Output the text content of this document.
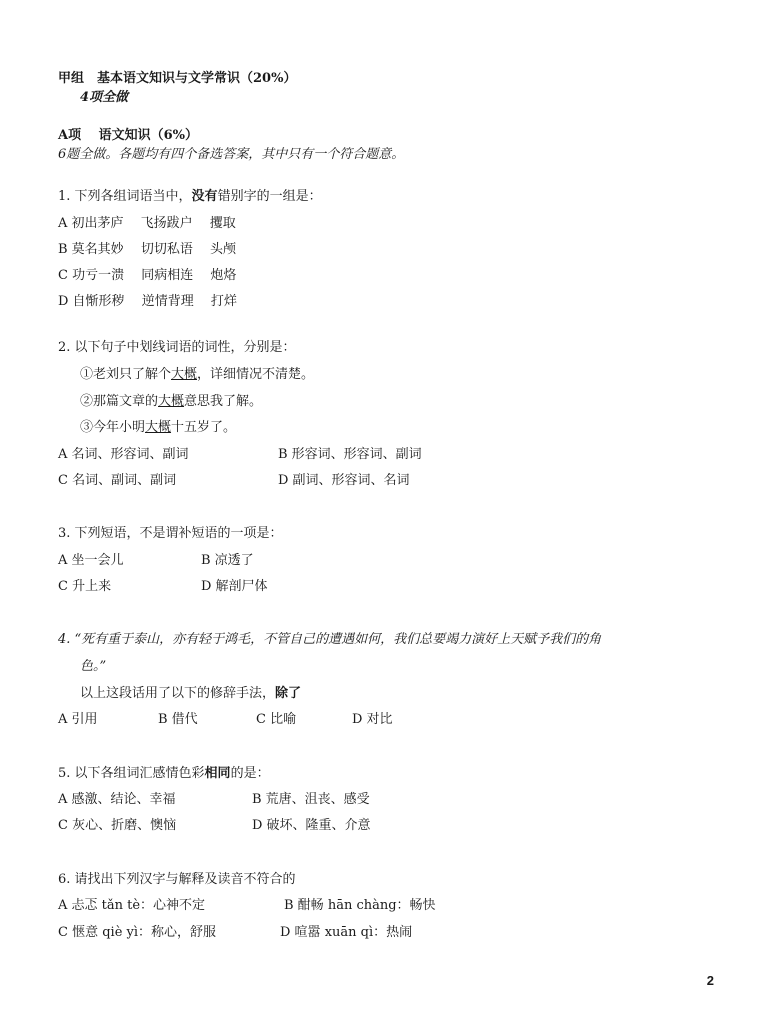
甲组　基本语文知识与文学常识（20%）
4项全做
A项　 语文知识（6%）
6题全做。各题均有四个备选答案，其中只有一个符合题意。
1. 下列各组词语当中，没有错别字的一组是：
A 初出茅庐　 飞扬跋户　 攫取
B 莫名其妙　 切切私语　 头颅
C 功亏一溃　 同病相连　 炮烙
D 自惭形秽　 逆情背理　 打烊
2. 以下句子中划线词语的词性，分别是：
①老刘只了解个大概，详细情况不清楚。
②那篇文章的大概意思我了解。
③今年小明大概十五岁了。
A 名词、形容词、副词	B 形容词、形容词、副词
C 名词、副词、副词	D 副词、形容词、名词
3. 下列短语，不是谓补短语的一项是：
A 坐一会儿	B 凉透了
C 升上来	D 解剖尸体
4. “死有重于泰山，亦有轻于鸿毛，不管自己的遭遇如何，我们总要竭力演好上天赋予我们的角
色。”
以上这段话用了以下的修辞手法，除了
A 引用	B 借代	C 比喻	D 对比
5. 以下各组词汇感情色彩相同的是：
A 感激、结论、幸福	B 荒唐、沮丧、感受
C 灰心、折磨、懊恼	D 破坏、隆重、介意
6. 请找出下列汉字与解释及读音不符合的
A 忐忑 tǎn tè：心神不定	B 酣畅 hān chàng：畅快
C 惬意 qiè yì：称心，舒服	D 喧嚣 xuān qì：热闹
2
